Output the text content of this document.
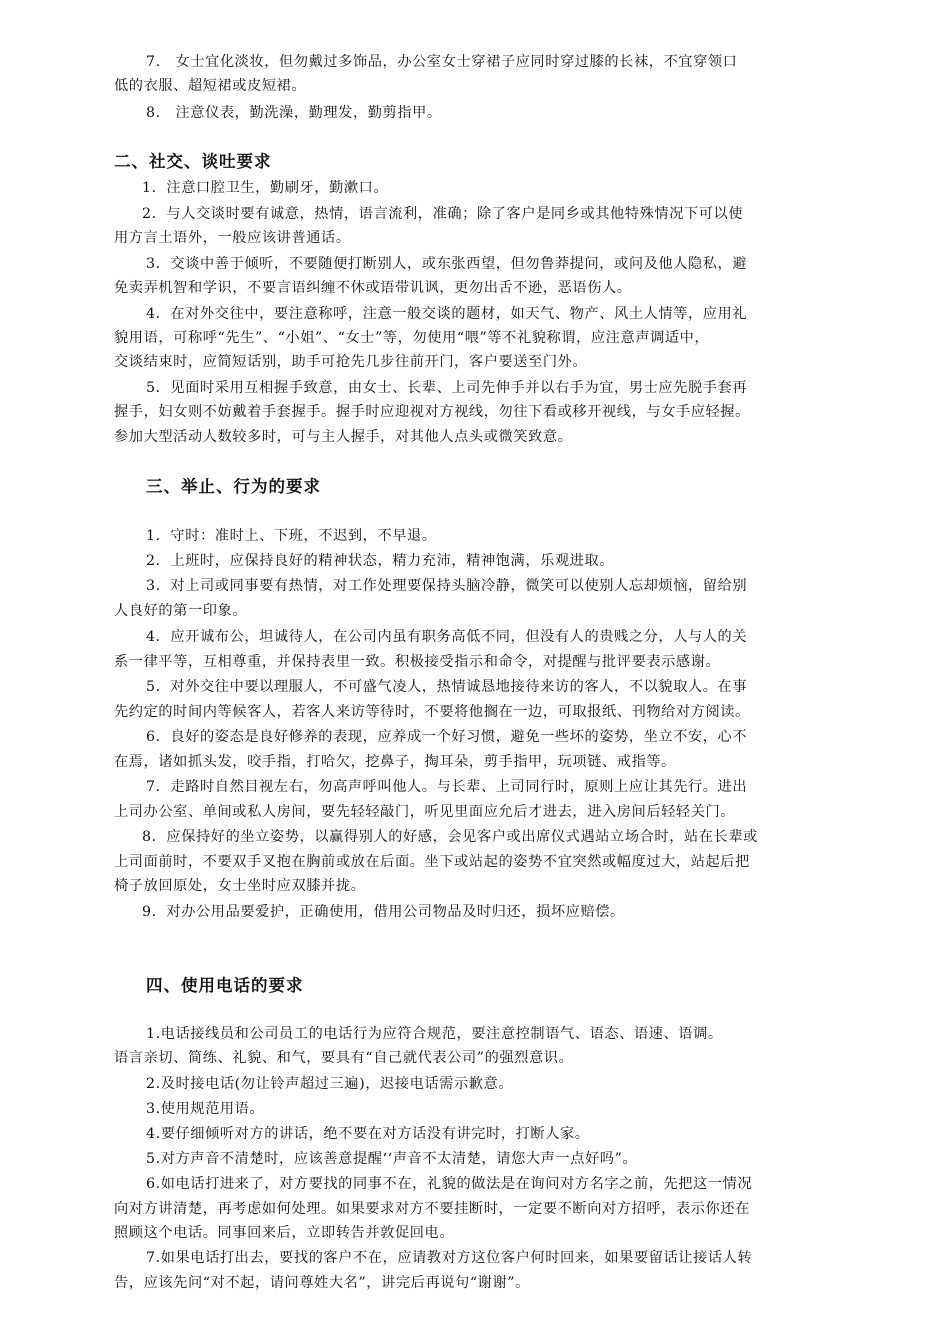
7.　女士宜化淡妆，但勿戴过多饰品，办公室女士穿裙子应同时穿过膝的长袜，不宜穿领口
低的衣服、超短裙或皮短裙。
8.　注意仪表，勤洗澡，勤理发，勤剪指甲。
二、社交、谈吐要求
1．注意口腔卫生，勤刷牙，勤漱口。
2．与人交谈时要有诚意，热情，语言流利，准确；除了客户是同乡或其他特殊情况下可以使
用方言土语外，一般应该讲普通话。
3．交谈中善于倾听，不要随便打断别人，或东张西望，但勿鲁莽提问，或问及他人隐私，避
免卖弄机智和学识，不要言语纠缠不休或语带讥讽，更勿出舌不逊，恶语伤人。
4．在对外交往中，要注意称呼，注意一般交谈的题材，如天气、物产、风土人情等，应用礼
貌用语，可称呼“先生”、“小姐”、“女士”等，勿使用“喂”等不礼貌称谓，应注意声调适中，
交谈结束时，应简短话别，助手可抢先几步往前开门，客户要送至门外。
5．见面时采用互相握手致意，由女士、长辈、上司先伸手并以右手为宜，男士应先脱手套再
握手，妇女则不妨戴着手套握手。握手时应迎视对方视线，勿往下看或移开视线，与女手应轻握。
参加大型活动人数较多时，可与主人握手，对其他人点头或微笑致意。
三、举止、行为的要求
1．守时：准时上、下班，不迟到，不早退。
2．上班时，应保持良好的精神状态，精力充沛，精神饱满，乐观进取。
3．对上司或同事要有热情，对工作处理要保持头脑冷静，微笑可以使别人忘却烦恼，留给别
人良好的第一印象。
4．应开诚布公，坦诚待人，在公司内虽有职务高低不同，但没有人的贵贱之分，人与人的关
系一律平等，互相尊重，并保持表里一致。积极接受指示和命令，对提醒与批评要表示感谢。
5．对外交往中要以理服人，不可盛气凌人，热情诚恳地接待来访的客人，不以貌取人。在事
先约定的时间内等候客人，若客人来访等待时，不要将他搁在一边，可取报纸、刊物给对方阅读。
6．良好的姿态是良好修养的表现，应养成一个好习惯，避免一些坏的姿势，坐立不安，心不
在焉，诸如抓头发，咬手指，打哈欠，挖鼻子，掏耳朵，剪手指甲，玩项链、戒指等。
7．走路时自然目视左右，勿高声呼叫他人。与长辈、上司同行时，原则上应让其先行。进出
上司办公室、单间或私人房间，要先轻轻敲门，听见里面应允后才进去，进入房间后轻轻关门。
8．应保持好的坐立姿势，以赢得别人的好感，会见客户或出席仪式遇站立场合时，站在长辈或
上司面前时，不要双手叉抱在胸前或放在后面。坐下或站起的姿势不宜突然或幅度过大，站起后把
椅子放回原处，女士坐时应双膝并拢。
9．对办公用品要爱护，正确使用，借用公司物品及时归还，损坏应赔偿。
四、使用电话的要求
1.电话接线员和公司员工的电话行为应符合规范，要注意控制语气、语态、语速、语调。
语言亲切、简练、礼貌、和气，要具有“自己就代表公司”的强烈意识。
2.及时接电话(勿让铃声超过三遍)，迟接电话需示歉意。
3.使用规范用语。
4.要仔细倾听对方的讲话，绝不要在对方话没有讲完时，打断人家。
5.对方声音不清楚时，应该善意提醒‘‘声音不太清楚，请您大声一点好吗”。
6.如电话打进来了，对方要找的同事不在，礼貌的做法是在询问对方名字之前，先把这一情况
向对方讲清楚，再考虑如何处理。如果要求对方不要挂断时，一定要不断向对方招呼，表示你还在
照顾这个电话。同事回来后，立即转告并敦促回电。
7.如果电话打出去，要找的客户不在，应请教对方这位客户何时回来，如果要留话让接话人转
告，应该先问“对不起，请问尊姓大名”，讲完后再说句“谢谢”。
